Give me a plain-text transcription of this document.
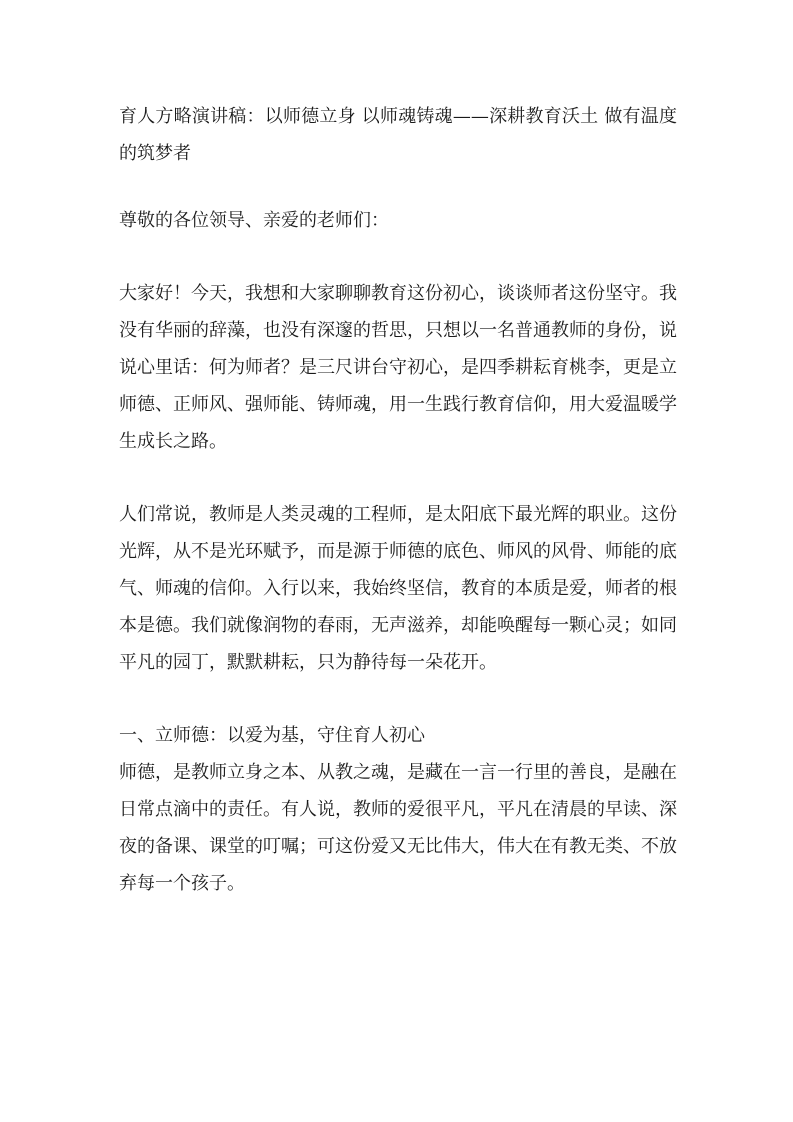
育人方略演讲稿：以师德立身 以师魂铸魂——深耕教育沃土 做有温度的筑梦者

尊敬的各位领导、亲爱的老师们：

大家好！今天，我想和大家聊聊教育这份初心，谈谈师者这份坚守。我没有华丽的辞藻，也没有深邃的哲思，只想以一名普通教师的身份，说说心里话：何为师者？是三尺讲台守初心，是四季耕耘育桃李，更是立师德、正师风、强师能、铸师魂，用一生践行教育信仰，用大爱温暖学生成长之路。

人们常说，教师是人类灵魂的工程师，是太阳底下最光辉的职业。这份光辉，从不是光环赋予，而是源于师德的底色、师风的风骨、师能的底气、师魂的信仰。入行以来，我始终坚信，教育的本质是爱，师者的根本是德。我们就像润物的春雨，无声滋养，却能唤醒每一颗心灵；如同平凡的园丁，默默耕耘，只为静待每一朵花开。

一、立师德：以爱为基，守住育人初心

师德，是教师立身之本、从教之魂，是藏在一言一行里的善良，是融在日常点滴中的责任。有人说，教师的爱很平凡，平凡在清晨的早读、深夜的备课、课堂的叮嘱；可这份爱又无比伟大，伟大在有教无类、不放弃每一个孩子。
